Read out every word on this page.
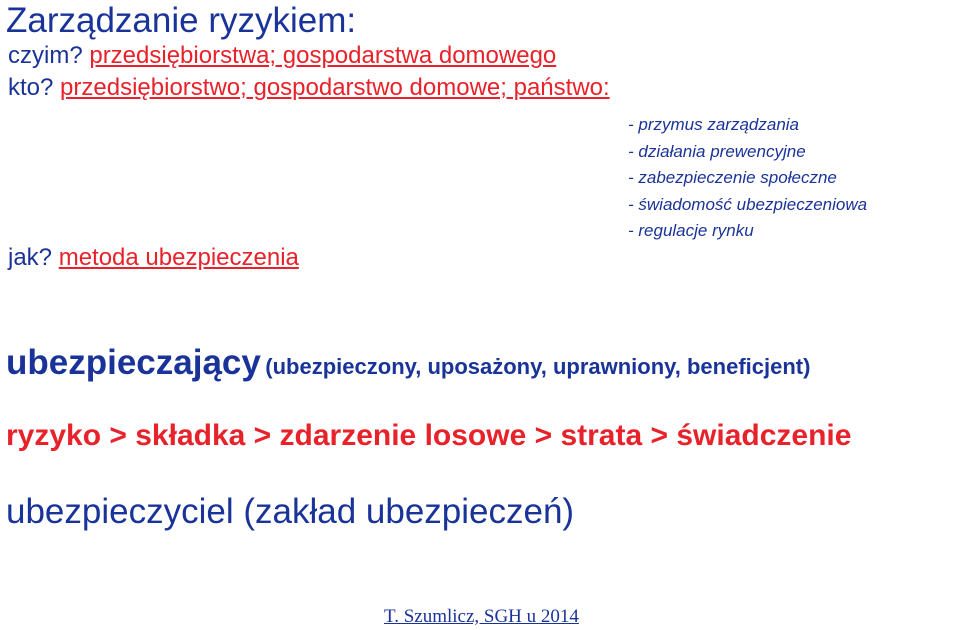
Zarządzanie ryzykiem:
czyim? przedsiębiorstwa; gospodarstwa domowego
kto? przedsiębiorstwo; gospodarstwo domowe; państwo:
- przymus zarządzania
- działania prewencyjne
- zabezpieczenie społeczne
- świadomość ubezpieczeniowa
- regulacje rynku
jak? metoda ubezpieczenia
ubezpieczający (ubezpieczony, uposażony, uprawniony, beneficjent)
ryzyko > składka > zdarzenie losowe > strata > świadczenie
ubezpieczyciel (zakład ubezpieczeń)
T. Szumlicz, SGH u 2014
